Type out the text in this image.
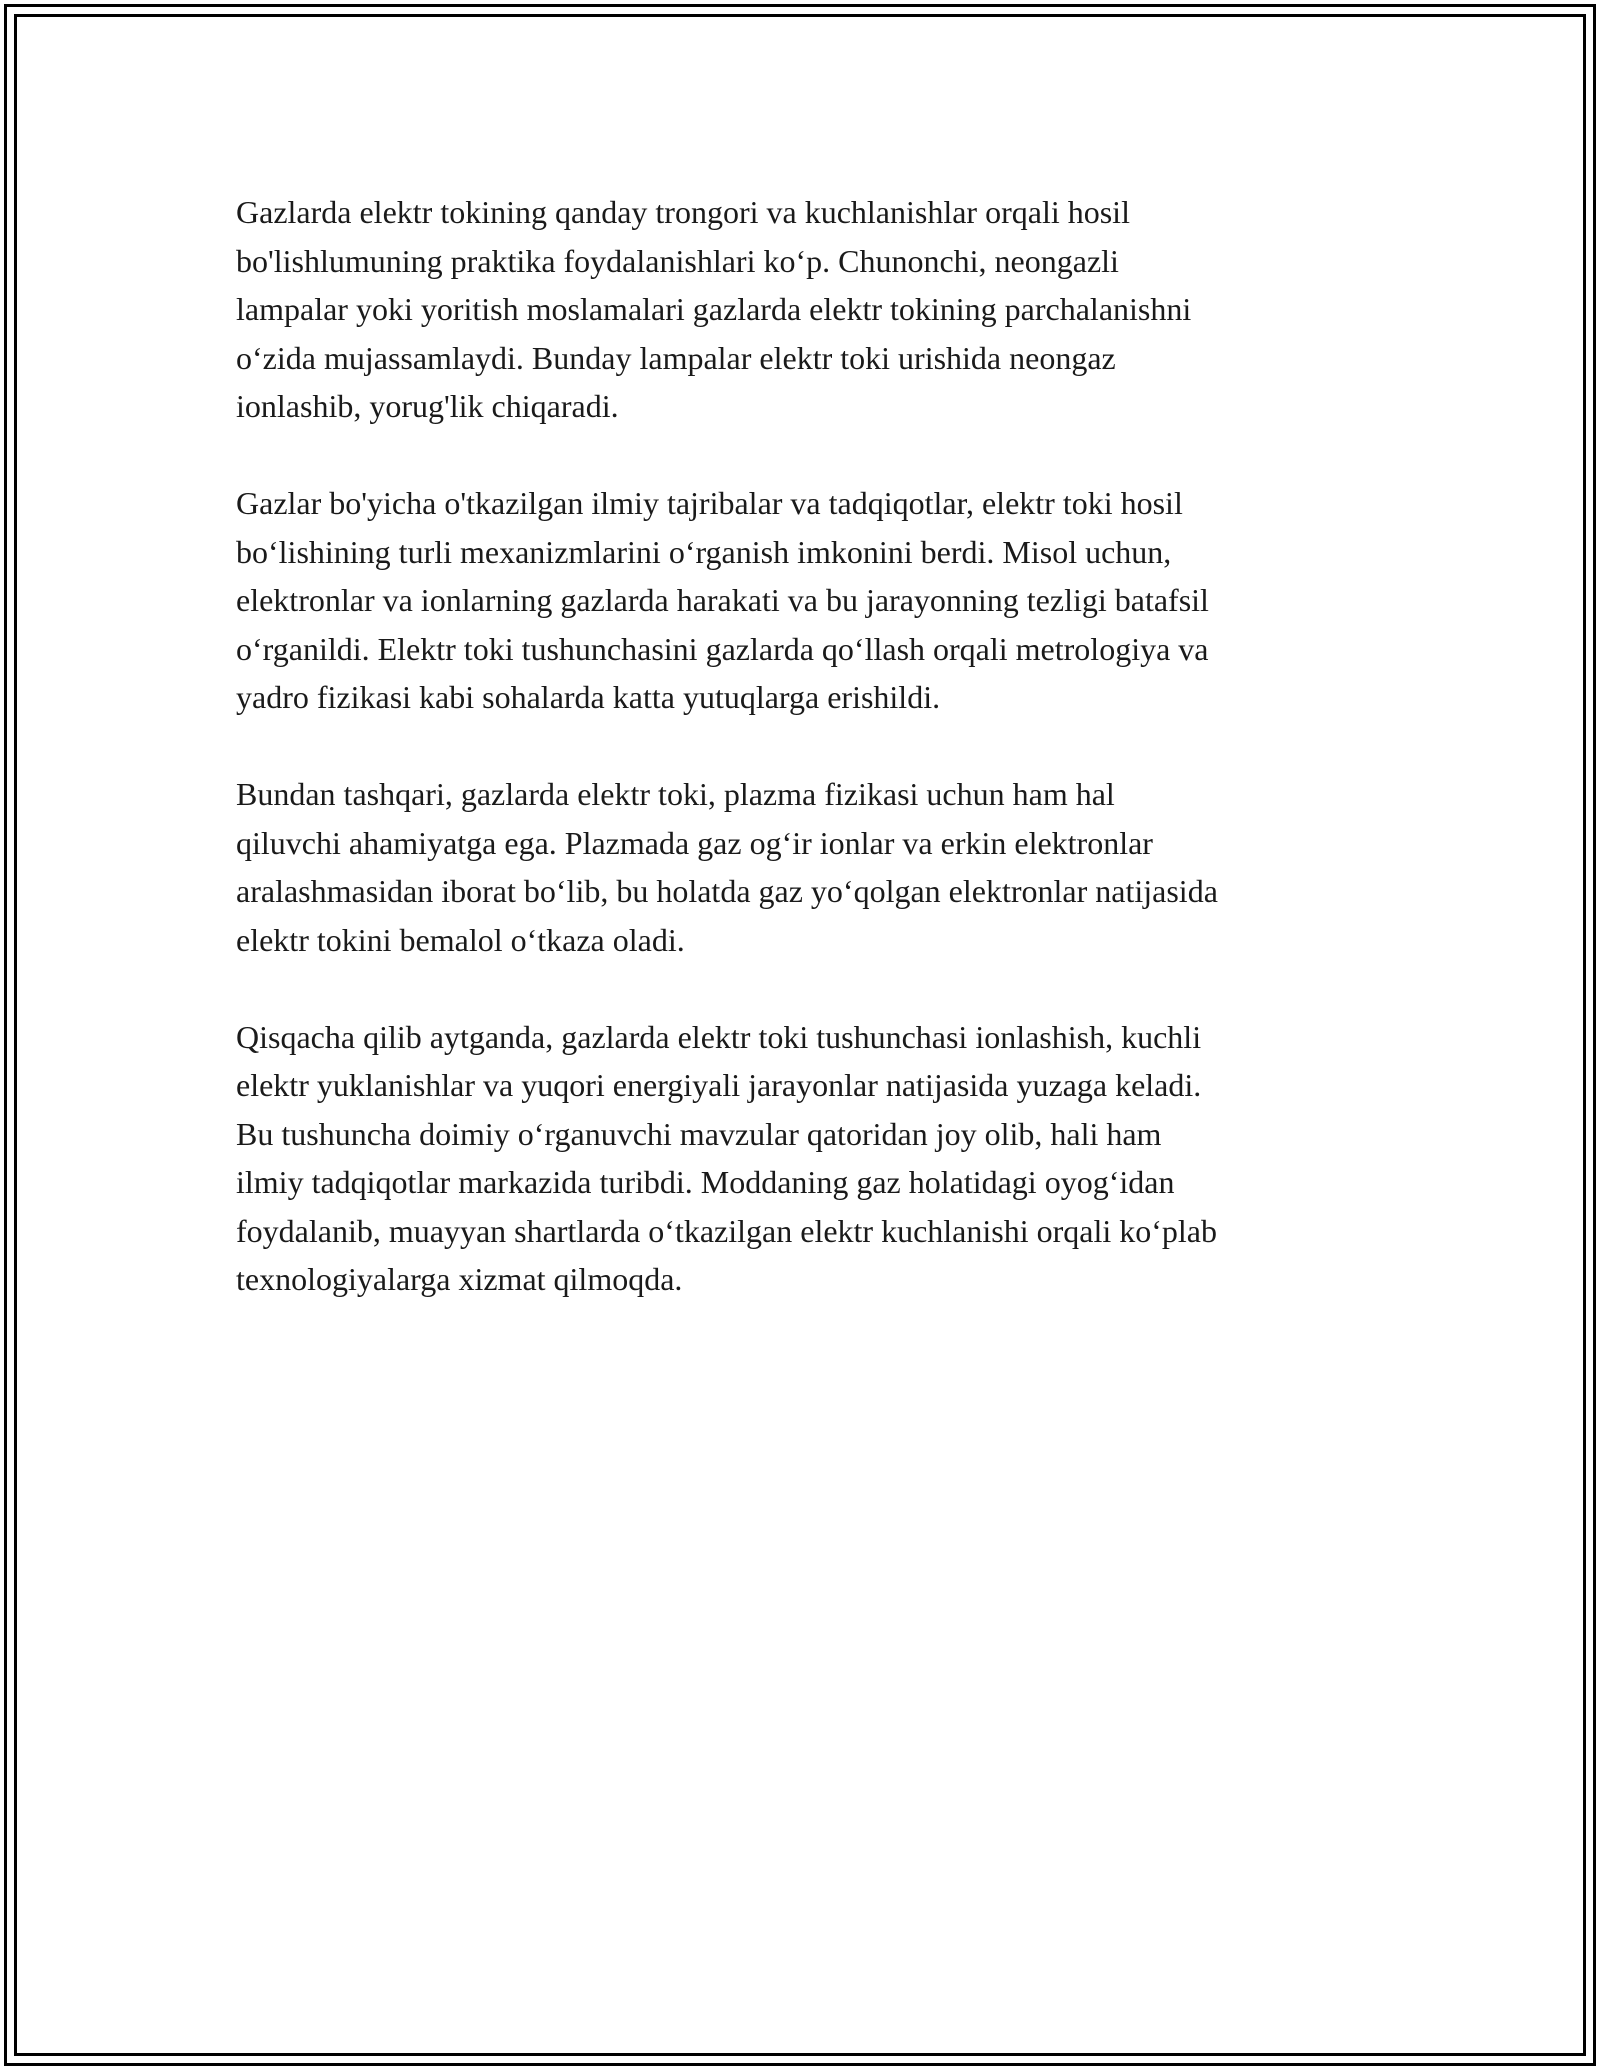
Gazlarda elektr tokining qanday trongori va kuchlanishlar orqali hosil
bo'lishlumuning praktika foydalanishlari ko‘p. Chunonchi, neongazli
lampalar yoki yoritish moslamalari gazlarda elektr tokining parchalanishni
o‘zida mujassamlaydi. Bunday lampalar elektr toki urishida neongaz
ionlashib, yorug'lik chiqaradi.

Gazlar bo'yicha o'tkazilgan ilmiy tajribalar va tadqiqotlar, elektr toki hosil
bo‘lishining turli mexanizmlarini o‘rganish imkonini berdi. Misol uchun,
elektronlar va ionlarning gazlarda harakati va bu jarayonning tezligi batafsil
o‘rganildi. Elektr toki tushunchasini gazlarda qo‘llash orqali metrologiya va
yadro fizikasi kabi sohalarda katta yutuqlarga erishildi.

Bundan tashqari, gazlarda elektr toki, plazma fizikasi uchun ham hal
qiluvchi ahamiyatga ega. Plazmada gaz og‘ir ionlar va erkin elektronlar
aralashmasidan iborat bo‘lib, bu holatda gaz yo‘qolgan elektronlar natijasida
elektr tokini bemalol o‘tkaza oladi.

Qisqacha qilib aytganda, gazlarda elektr toki tushunchasi ionlashish, kuchli
elektr yuklanishlar va yuqori energiyali jarayonlar natijasida yuzaga keladi.
Bu tushuncha doimiy o‘rganuvchi mavzular qatoridan joy olib, hali ham
ilmiy tadqiqotlar markazida turibdi. Moddaning gaz holatidagi oyog‘idan
foydalanib, muayyan shartlarda o‘tkazilgan elektr kuchlanishi orqali ko‘plab
texnologiyalarga xizmat qilmoqda.
